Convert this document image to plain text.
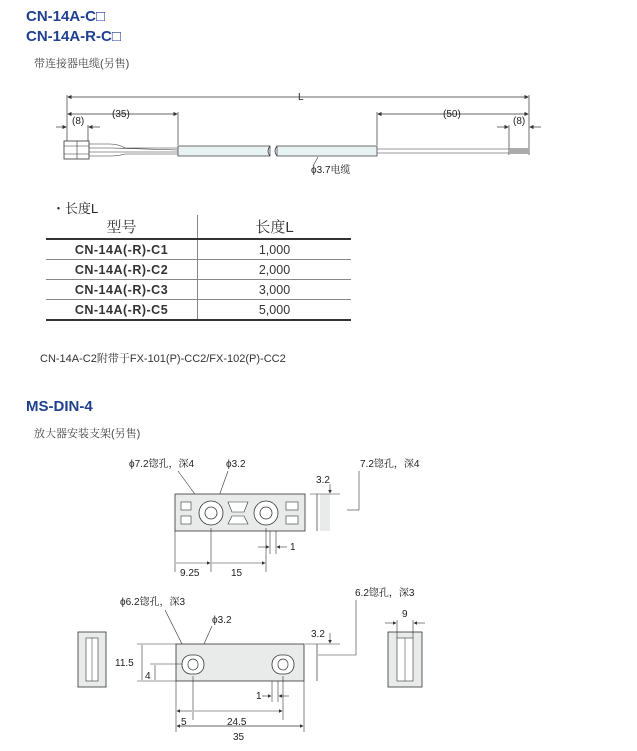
CN-14A-C□
CN-14A-R-C□
带连接器电缆(另售)
L
(35)	(50)
(8)	(8)
ϕ3.7电缆
・长度L
型号	长度L
CN-14A(-R)-C1	1,000
CN-14A(-R)-C2	2,000
CN-14A(-R)-C3	3,000
CN-14A(-R)-C5	5,000
CN-14A-C2附带于FX-101(P)-CC2/FX-102(P)-CC2
MS-DIN-4
放大器安装支架(另售)
ϕ7.2锪孔，深4	ϕ3.2	7.2锪孔，深4
3.2
9.25	15
1
ϕ6.2锪孔，深3
ϕ3.2
6.2锪孔，深3
3.2
11.5
4
5	24.5
1
35
9
